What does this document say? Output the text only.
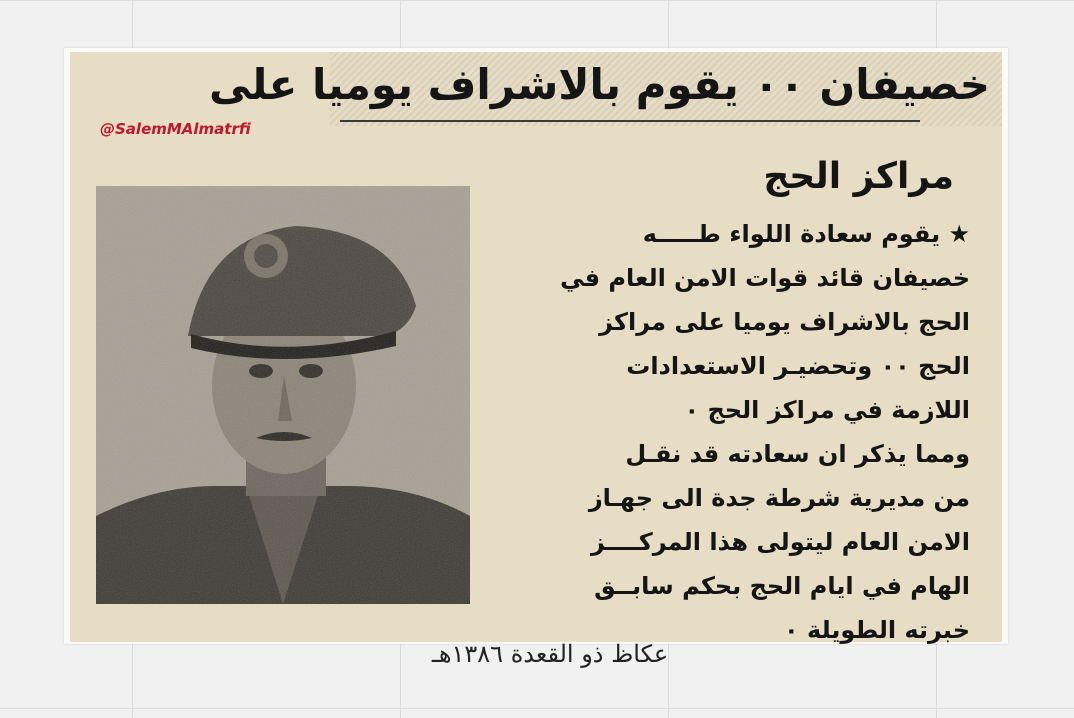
خصيفان ٠٠ يقوم بالاشراف يوميا على
@SalemMAlmatrfi
مراكز الحج
★ يقوم سعادة اللواء طـــــه
خصيفان قائد قوات الامن العام في
الحج بالاشراف يوميا على مراكز
الحج ٠٠ وتحضيـر الاستعدادات
اللازمة في مراكز الحج ٠
ومما يذكر ان سعادته قد نقـل
من مديرية شرطة جدة الى جهـاز
الامن العام ليتولى هذا المركــــز
الهام في ايام الحج بحكم سابــق
خبرته الطويلة ٠
عكاظ ذو القعدة ١٣٨٦هـ
